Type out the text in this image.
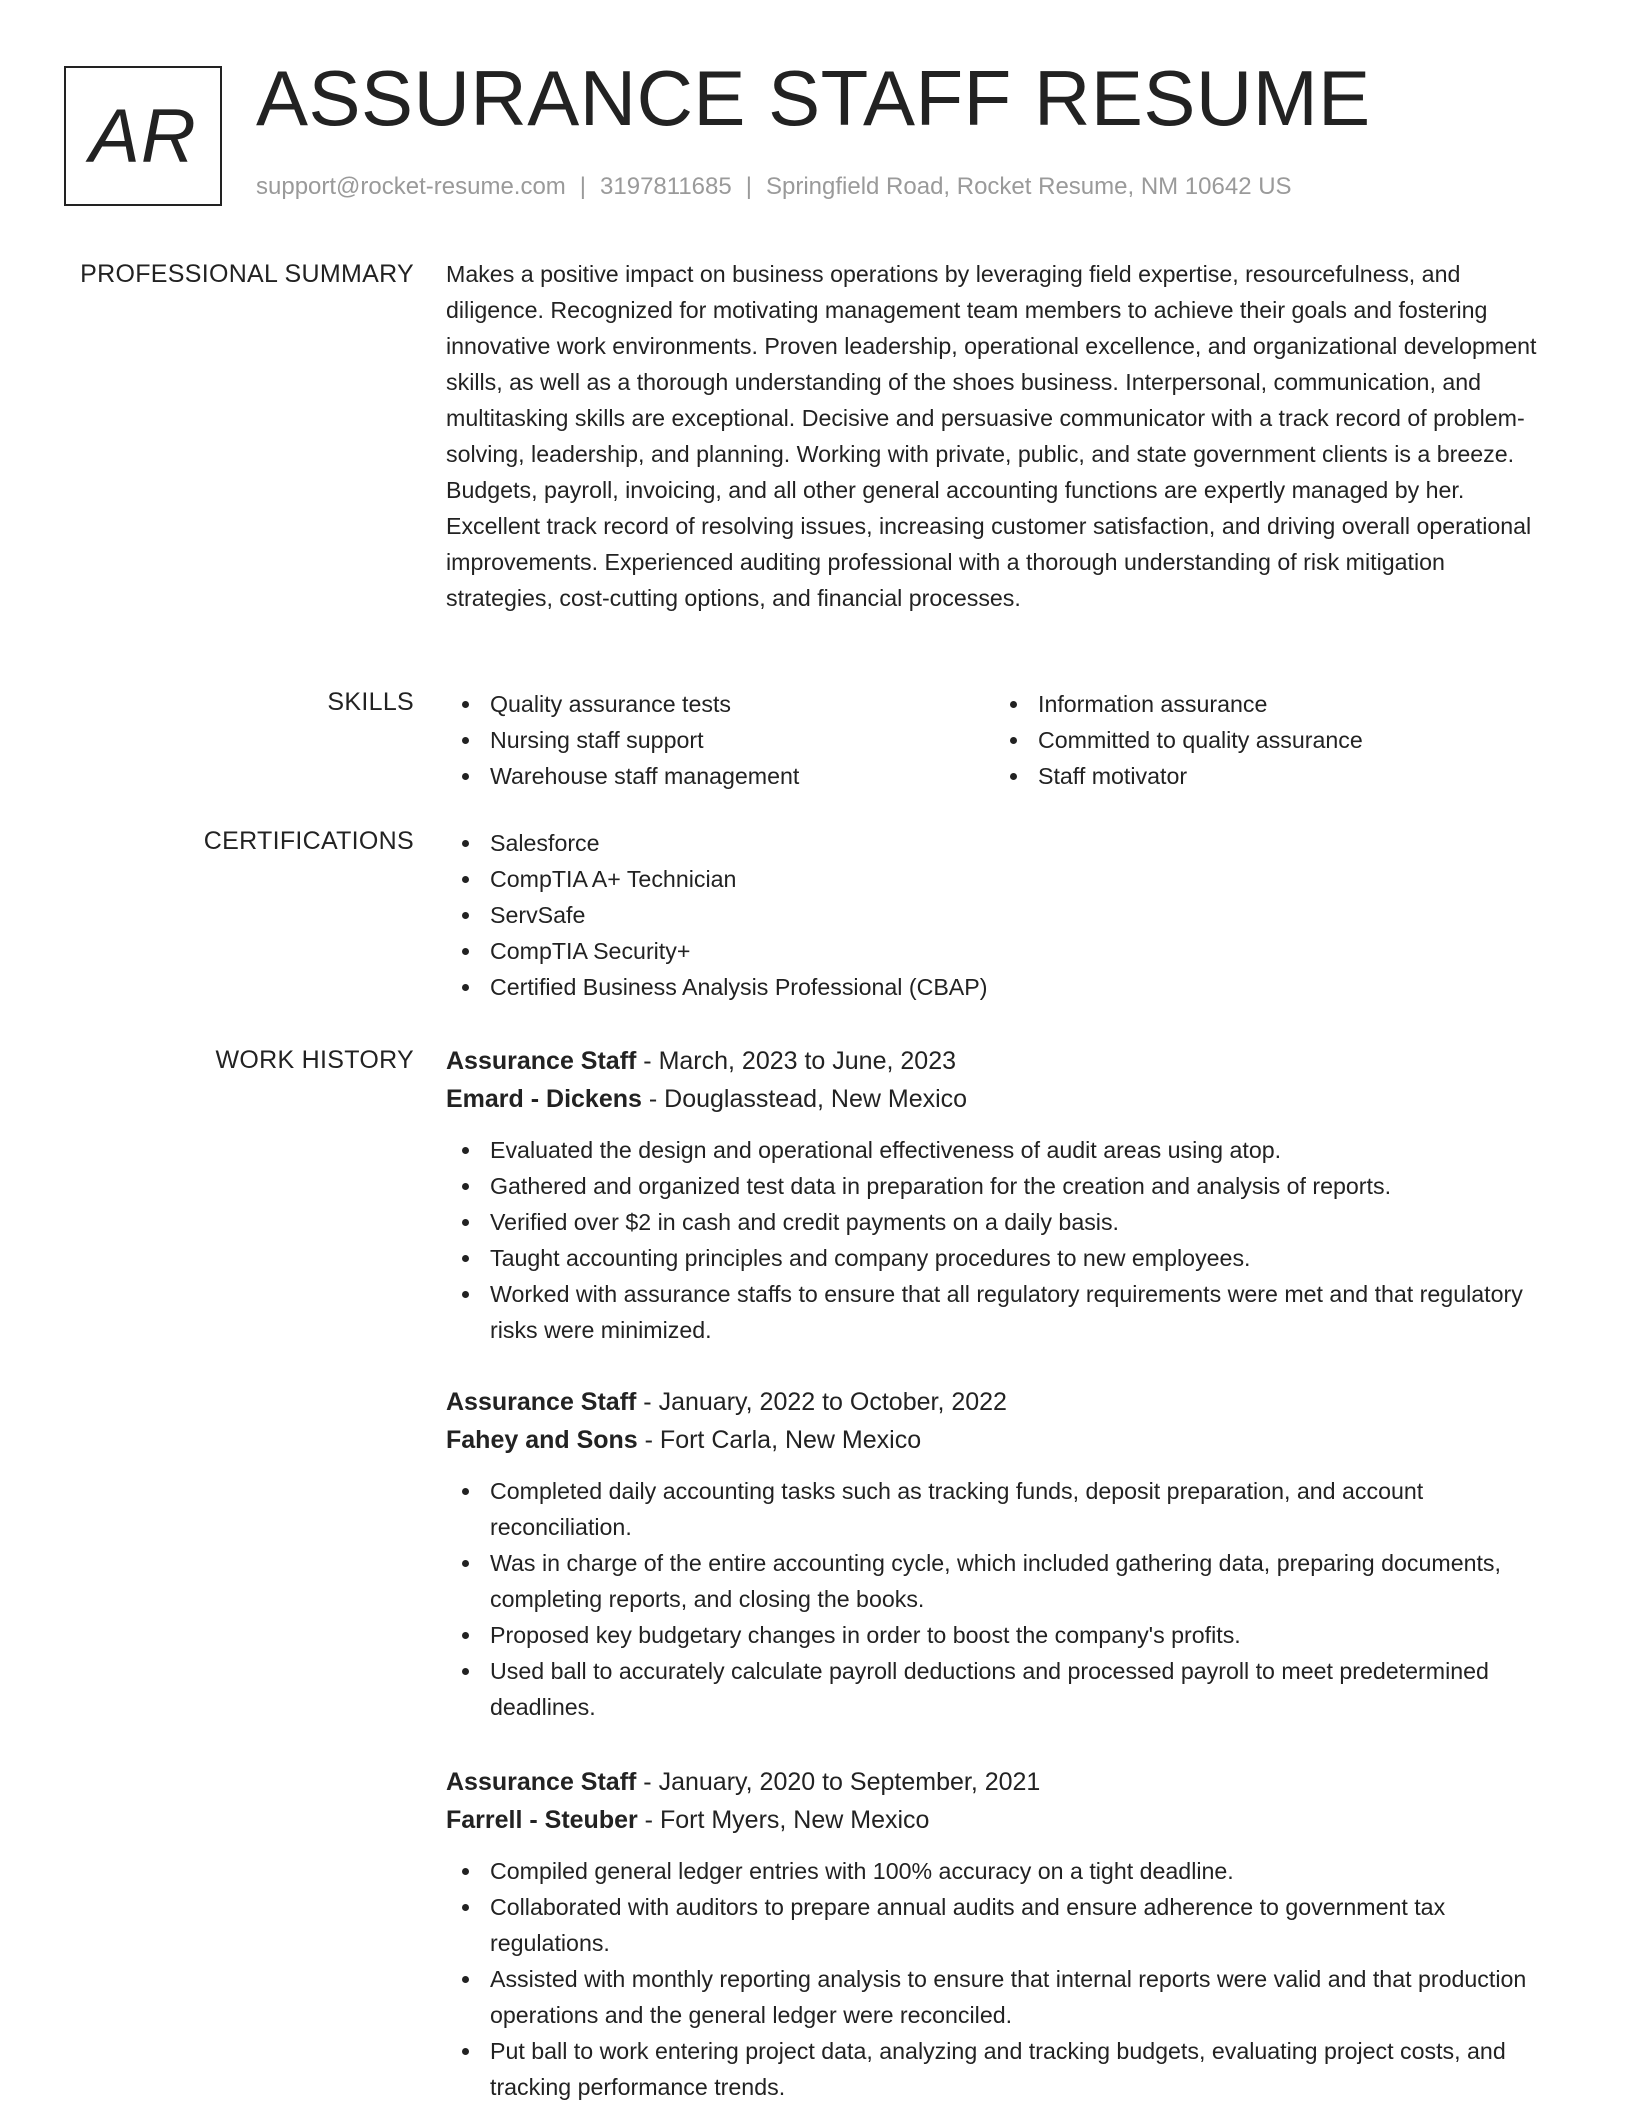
AR ASSURANCE STAFF RESUME
support@rocket-resume.com | 3197811685 | Springfield Road, Rocket Resume, NM 10642 US
PROFESSIONAL SUMMARY Makes a positive impact on business operations by leveraging field expertise, resourcefulness, and diligence. Recognized for motivating management team members to achieve their goals and fostering innovative work environments. Proven leadership, operational excellence, and organizational development skills, as well as a thorough understanding of the shoes business. Interpersonal, communication, and multitasking skills are exceptional. Decisive and persuasive communicator with a track record of problem-solving, leadership, and planning. Working with private, public, and state government clients is a breeze. Budgets, payroll, invoicing, and all other general accounting functions are expertly managed by her. Excellent track record of resolving issues, increasing customer satisfaction, and driving overall operational improvements. Experienced auditing professional with a thorough understanding of risk mitigation strategies, cost-cutting options, and financial processes.
SKILLS	Quality assurance tests
Nursing staff support
Warehouse staff management
Information assurance
Committed to quality assurance
Staff motivator
CERTIFICATIONS	Salesforce
CompTIA A+ Technician
ServSafe
CompTIA Security+
Certified Business Analysis Professional (CBAP)
WORK HISTORY Assurance Staff - March, 2023 to June, 2023
Emard - Dickens - Douglasstead, New Mexico
Evaluated the design and operational effectiveness of audit areas using atop.
Gathered and organized test data in preparation for the creation and analysis of reports.
Verified over $2 in cash and credit payments on a daily basis.
Taught accounting principles and company procedures to new employees.
Worked with assurance staffs to ensure that all regulatory requirements were met and that regulatory risks were minimized.
Assurance Staff - January, 2022 to October, 2022
Fahey and Sons - Fort Carla, New Mexico
Completed daily accounting tasks such as tracking funds, deposit preparation, and account reconciliation.
Was in charge of the entire accounting cycle, which included gathering data, preparing documents, completing reports, and closing the books.
Proposed key budgetary changes in order to boost the company's profits.
Used ball to accurately calculate payroll deductions and processed payroll to meet predetermined deadlines.
Assurance Staff - January, 2020 to September, 2021
Farrell - Steuber - Fort Myers, New Mexico
Compiled general ledger entries with 100% accuracy on a tight deadline.
Collaborated with auditors to prepare annual audits and ensure adherence to government tax regulations.
Assisted with monthly reporting analysis to ensure that internal reports were valid and that production operations and the general ledger were reconciled.
Put ball to work entering project data, analyzing and tracking budgets, evaluating project costs, and tracking performance trends.
